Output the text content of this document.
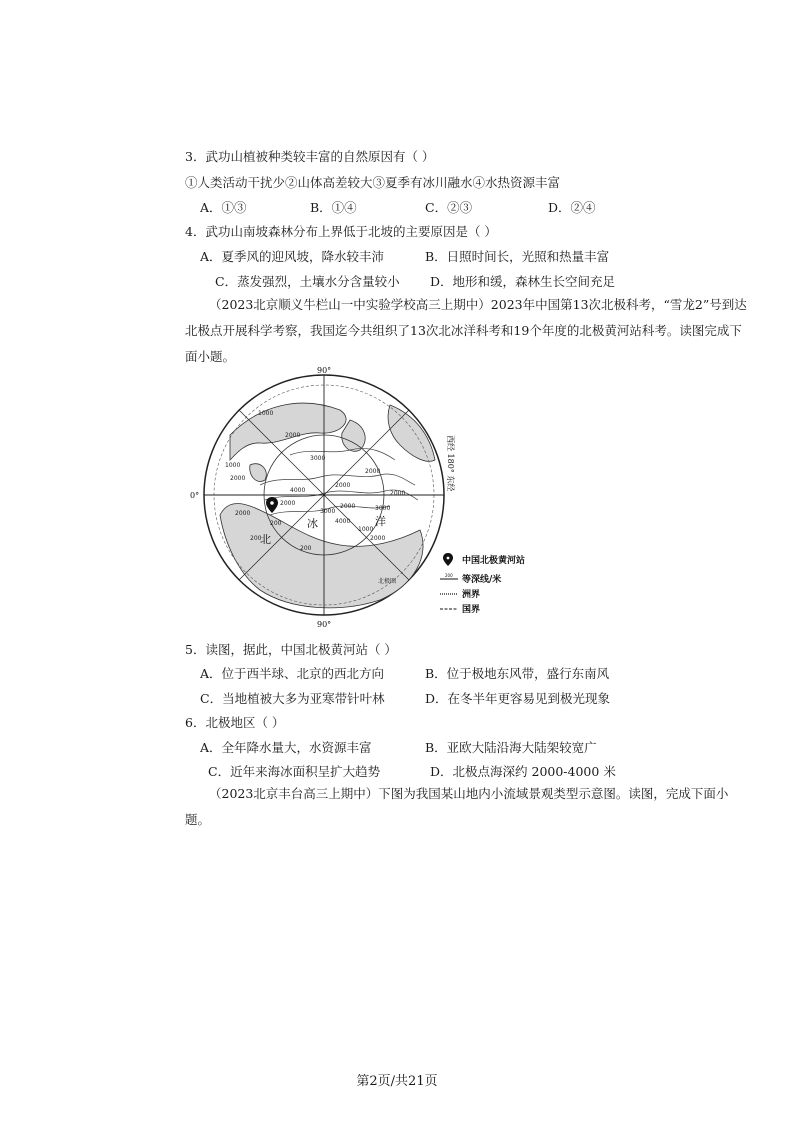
3．武功山植被种类较丰富的自然原因有（ ）
①人类活动干扰少②山体高差较大③夏季有冰川融水④水热资源丰富
A．①③	B．①④	C．②③	D．②④
4．武功山南坡森林分布上界低于北坡的主要原因是（ ）
A．夏季风的迎风坡，降水较丰沛	B．日照时间长，光照和热量丰富
C．蒸发强烈，土壤水分含量较小 D．地形和缓，森林生长空间充足
（2023北京顺义牛栏山一中实验学校高三上期中）2023年中国第13次北极科考，“雪龙2”号到达北极点开展科学考察，我国迄今共组织了13次北冰洋科考和19个年度的北极黄河站科考。读图完成下面小题。
1000
2000
1000
2000
3000
2000
4000
2000
2000	3000
2000
4000
200
200
1000
2000
200
2000
3000
2000
北
冰	洋
北极圈
90°
90°
0°
西经 180° 东经
中国北极黄河站
200 等深线/米
洲界
国界
5．读图，据此，中国北极黄河站（ ）
A．位于西半球、北京的西北方向	B．位于极地东风带，盛行东南风
C．当地植被大多为亚寒带针叶林	D．在冬半年更容易见到极光现象
6．北极地区（ ）
A．全年降水量大，水资源丰富	B．亚欧大陆沿海大陆架较宽广
C．近年来海冰面积呈扩大趋势	D．北极点海深约 2000-4000 米
（2023北京丰台高三上期中）下图为我国某山地内小流域景观类型示意图。读图，完成下面小题。
第2页/共21页
